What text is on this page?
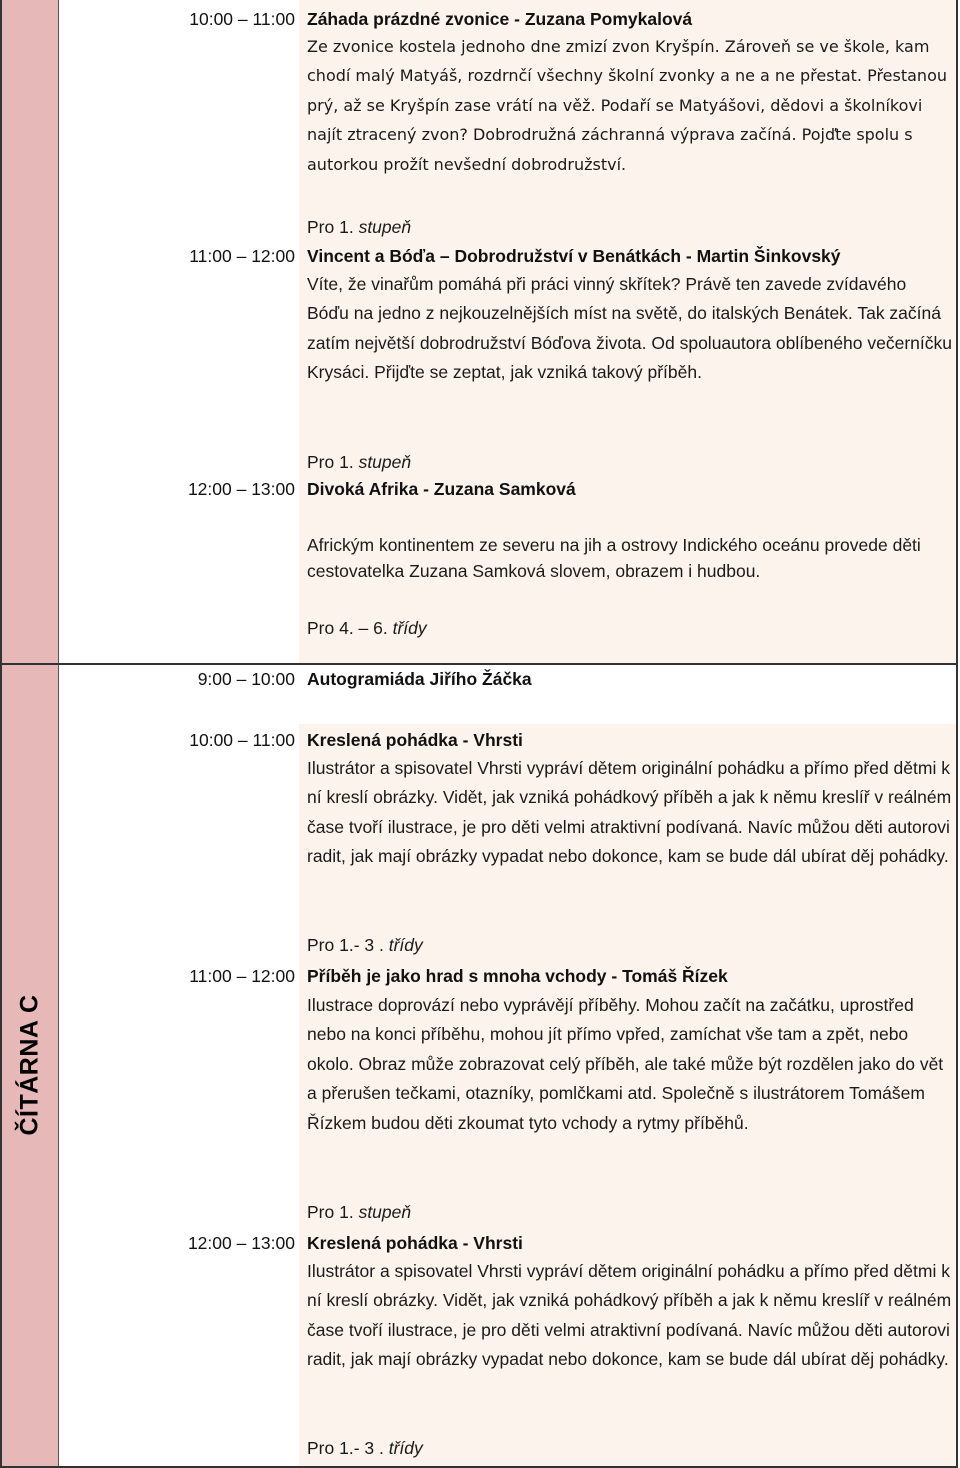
ČÍTÁRNA C
10:00 – 11:00 Záhada prázdné zvonice - Zuzana Pomykalová
Ze zvonice kostela jednoho dne zmizí zvon Kryšpín. Zároveň se ve škole, kam chodí malý Matyáš, rozdrnčí všechny školní zvonky a ne a ne přestat. Přestanou prý, až se Kryšpín zase vrátí na věž. Podaří se Matyášovi, dědovi a školníkovi najít ztracený zvon? Dobrodružná záchranná výprava začíná. Pojďte spolu s autorkou prožít nevšední dobrodružství.
Pro 1. stupeň
11:00 – 12:00 Vincent a Bóďa – Dobrodružství v Benátkách - Martin Šinkovský
Víte, že vinařům pomáhá při práci vinný skřítek? Právě ten zavede zvídavého Bóďu na jedno z nejkouzelnějších míst na světě, do italských Benátek. Tak začíná zatím největší dobrodružství Bóďova života. Od spoluautora oblíbeného večerníčku Krysáci. Přijďte se zeptat, jak vzniká takový příběh.
Pro 1. stupeň
12:00 – 13:00 Divoká Afrika - Zuzana Samková
Africkým kontinentem ze severu na jih a ostrovy Indického oceánu provede děti cestovatelka Zuzana Samková slovem, obrazem i hudbou.
Pro 4. – 6. třídy
9:00 – 10:00 Autogramiáda Jiřího Žáčka
10:00 – 11:00 Kreslená pohádka - Vhrsti
Ilustrátor a spisovatel Vhrsti vypráví dětem originální pohádku a přímo před dětmi k ní kreslí obrázky. Vidět, jak vzniká pohádkový příběh a jak k němu kreslíř v reálném čase tvoří ilustrace, je pro děti velmi atraktivní podívaná. Navíc můžou děti autorovi radit, jak mají obrázky vypadat nebo dokonce, kam se bude dál ubírat děj pohádky.
Pro 1.- 3 . třídy
11:00 – 12:00 Příběh je jako hrad s mnoha vchody - Tomáš Řízek
Ilustrace doprovází nebo vyprávějí příběhy. Mohou začít na začátku, uprostřed nebo na konci příběhu, mohou jít přímo vpřed, zamíchat vše tam a zpět, nebo okolo. Obraz může zobrazovat celý příběh, ale také může být rozdělen jako do vět a přerušen tečkami, otazníky, pomlčkami atd. Společně s ilustrátorem Tomášem Řízkem budou děti zkoumat tyto vchody a rytmy příběhů.
Pro 1. stupeň
12:00 – 13:00 Kreslená pohádka - Vhrsti
Ilustrátor a spisovatel Vhrsti vypráví dětem originální pohádku a přímo před dětmi k ní kreslí obrázky. Vidět, jak vzniká pohádkový příběh a jak k němu kreslíř v reálném čase tvoří ilustrace, je pro děti velmi atraktivní podívaná. Navíc můžou děti autorovi radit, jak mají obrázky vypadat nebo dokonce, kam se bude dál ubírat děj pohádky.
Pro 1.- 3 . třídy
